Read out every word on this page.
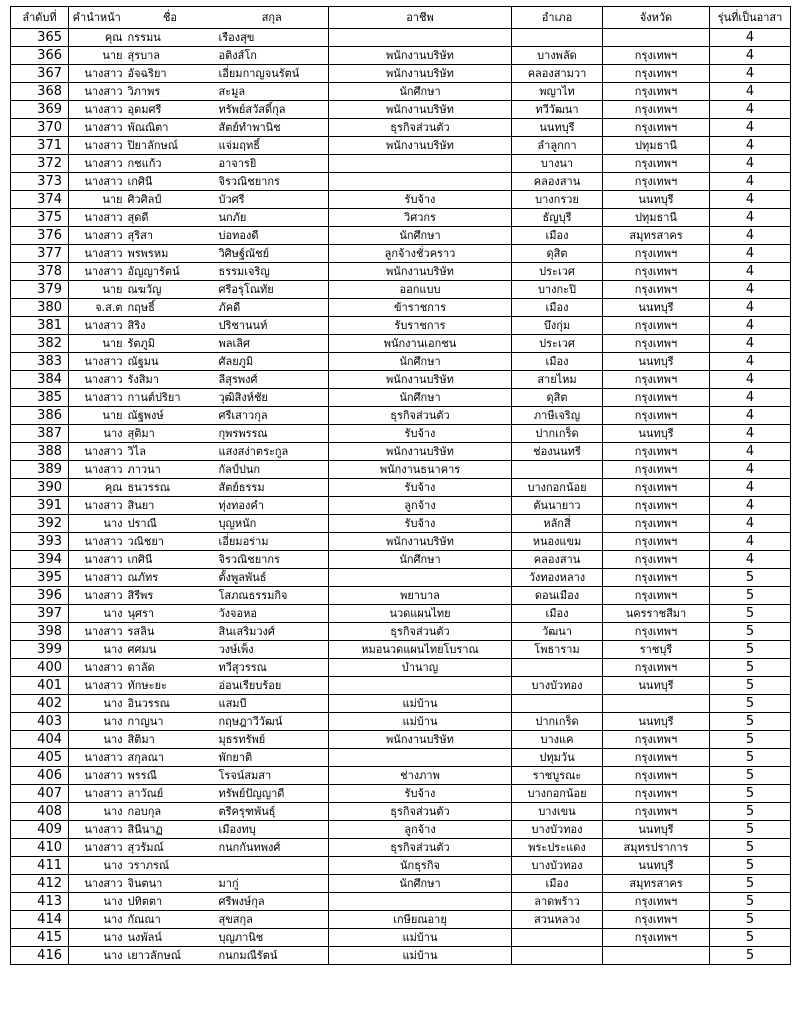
ลำดับที่	คำนำหน้า	ชื่อ	สกุล	อาชีพ	อำเภอ	จังหวัด	รุ่นที่เป็นอาสา
365	คุณ	กรรมน	เรืองสุข				4
366	นาย	สุรบาล	อติงส์โก	พนักงานบริษัท	บางพลัด	กรุงเทพฯ	4
367	นางสาว	อัจฉริยา	เอี่ยมกาญจนรัตน์	พนักงานบริษัท	คลองสามวา	กรุงเทพฯ	4
368	นางสาว	วิภาพร	สะมูล	นักศึกษา	พญาไท	กรุงเทพฯ	4
369	นางสาว	อุดมศรี	ทรัพย์สวัสดิ์กุล	พนักงานบริษัท	ทวีวัฒนา	กรุงเทพฯ	4
370	นางสาว	พัณณิตา	สัตย์ทำพานิช	ธุรกิจส่วนตัว	นนทบุรี	กรุงเทพฯ	4
371	นางสาว	ปิยาลักษณ์	แจ่มฤทธิ์	พนักงานบริษัท	ลำลูกกา	ปทุมธานี	4
372	นางสาว	กชแก้ว	อาจารยิ		บางนา	กรุงเทพฯ	4
373	นางสาว	เกศินี	จิรวณิชยากร		คลองสาน	กรุงเทพฯ	4
374	นาย	ศิวศิลป์	บัวศรี	รับจ้าง	บางกรวย	นนทบุรี	4
375	นางสาว	สุดดี	นกภัย	วิศวกร	ธัญบุรี	ปทุมธานี	4
376	นางสาว	สุริสา	บ่อทองดี	นักศึกษา	เมือง	สมุทรสาคร	4
377	นางสาว	พรพรหม	วิศิษฐ์ณัชย์	ลูกจ้างชั่วคราว	ดุสิต	กรุงเทพฯ	4
378	นางสาว	อัญญารัตน์	ธรรมเจริญ	พนักงานบริษัท	ประเวศ	กรุงเทพฯ	4
379	นาย	ณฆวัญ	ศรีอรุโณทัย	ออกแบบ	บางกะปิ	กรุงเทพฯ	4
380	จ.ส.ต	กฤษธิ์	ภัคดี	ข้าราชการ	เมือง	นนทบุรี	4
381	นางสาว	สิริง	ปริชานนท์	รับราชการ	บึงกุ่ม	กรุงเทพฯ	4
382	นาย	รัตภูมิ	พลเลิศ	พนักงานเอกชน	ประเวศ	กรุงเทพฯ	4
383	นางสาว	ณัฐมน	ศัลยภูมิ	นักศึกษา	เมือง	นนทบุรี	4
384	นางสาว	รังสิมา	ลีสุรพงศ์	พนักงานบริษัท	สายไหม	กรุงเทพฯ	4
385	นางสาว	กานต์ปริยา	วุฒิสิงห์ชัย	นักศึกษา	ดุสิต	กรุงเทพฯ	4
386	นาย	ณัฐพงษ์	ศรีเสาวกุล	ธุรกิจส่วนตัว	ภาษีเจริญ	กรุงเทพฯ	4
387	นาง	สุติมา	กุพรพรรณ	รับจ้าง	ปากเกร็ด	นนทบุรี	4
388	นางสาว	วิไล	แสงสง่าตระกูล	พนักงานบริษัท	ช่องนนทรี	กรุงเทพฯ	4
389	นางสาว	ภาวนา	กัลป์ปนก	พนักงานธนาคาร		กรุงเทพฯ	4
390	คุณ	ธนวรรณ	สัตย์ธรรม	รับจ้าง	บางกอกน้อย	กรุงเทพฯ	4
391	นางสาว	สินยา	ทุ่งทองคำ	ลูกจ้าง	ตันนายาว	กรุงเทพฯ	4
392	นาง	ปราณี	บุญหนัก	รับจ้าง	หลักสี่	กรุงเทพฯ	4
393	นางสาว	วณิชยา	เอี่ยมอร่าม	พนักงานบริษัท	หนองแขม	กรุงเทพฯ	4
394	นางสาว	เกศินี	จิรวณิชยากร	นักศึกษา	คลองสาน	กรุงเทพฯ	4
395	นางสาว	ณภัทร	ตั้งพูลพันธ์		วังทองหลาง	กรุงเทพฯ	5
396	นางสาว	สิรีพร	โสภณธรรมกิจ	พยาบาล	ดอนเมือง	กรุงเทพฯ	5
397	นาง	นุศรา	วังจอหอ	นวดแผนไทย	เมือง	นครราชสีมา	5
398	นางสาว	รสลิน	สินเสริมวงศ์	ธุรกิจส่วนตัว	วัฒนา	กรุงเทพฯ	5
399	นาง	ศศมน	วงษ์เพ็ง	หมอนวดแผนไทยโบราณ	โพธาราม	ราชบุรี	5
400	นางสาว	ดาลัด	ทวีสุวรรณ	บำนาญ		กรุงเทพฯ	5
401	นางสาว	ทักษะยะ	อ่อนเรียบร้อย		บางบัวทอง	นนทบุรี	5
402	นาง	อินวรรณ	แสมบี	แม่บ้าน			5
403	นาง	กาญนา	กฤษฎาวีวัฒน์	แม่บ้าน	ปากเกร็ด	นนทบุรี	5
404	นาง	สิติมา	มุธรทรัพย์	พนักงานบริษัท	บางแค	กรุงเทพฯ	5
405	นางสาว	สกุลณา	พักยาติ		ปทุมวัน	กรุงเทพฯ	5
406	นางสาว	พรรณี	โรจน์สมสา	ช่างภาพ	ราชบูรณะ	กรุงเทพฯ	5
407	นางสาว	ลาวัณย์	ทรัพย์ปัญญาดี	รับจ้าง	บางกอกน้อย	กรุงเทพฯ	5
408	นาง	กอบกุล	ตรีครุฑพันธุ์	ธุรกิจส่วนตัว	บางเขน	กรุงเทพฯ	5
409	นางสาว	สินีนาฏ	เมืองทบุ	ลูกจ้าง	บางบัวทอง	นนทบุรี	5
410	นางสาว	สุวรัมณ์	กนกกันทพงศ์	ธุรกิจส่วนตัว	พระประแดง	สมุทรปราการ	5
411	นาง	วราภรณ์		นักธุรกิจ	บางบัวทอง	นนทบุรี	5
412	นางสาว	จินตนา	มากู่	นักศึกษา	เมือง	สมุทรสาคร	5
413	นาง	ปทิตตา	ศรีพงษ์กุล		ลาดพร้าว	กรุงเทพฯ	5
414	นาง	กัณณา	สุขสกุล	เกษียณอายุ	สวนหลวง	กรุงเทพฯ	5
415	นาง	นงพัลน์	บุญภานิช	แม่บ้าน		กรุงเทพฯ	5
416	นาง	เยาวลักษณ์	กนกมณีรัตน์	แม่บ้าน			5
